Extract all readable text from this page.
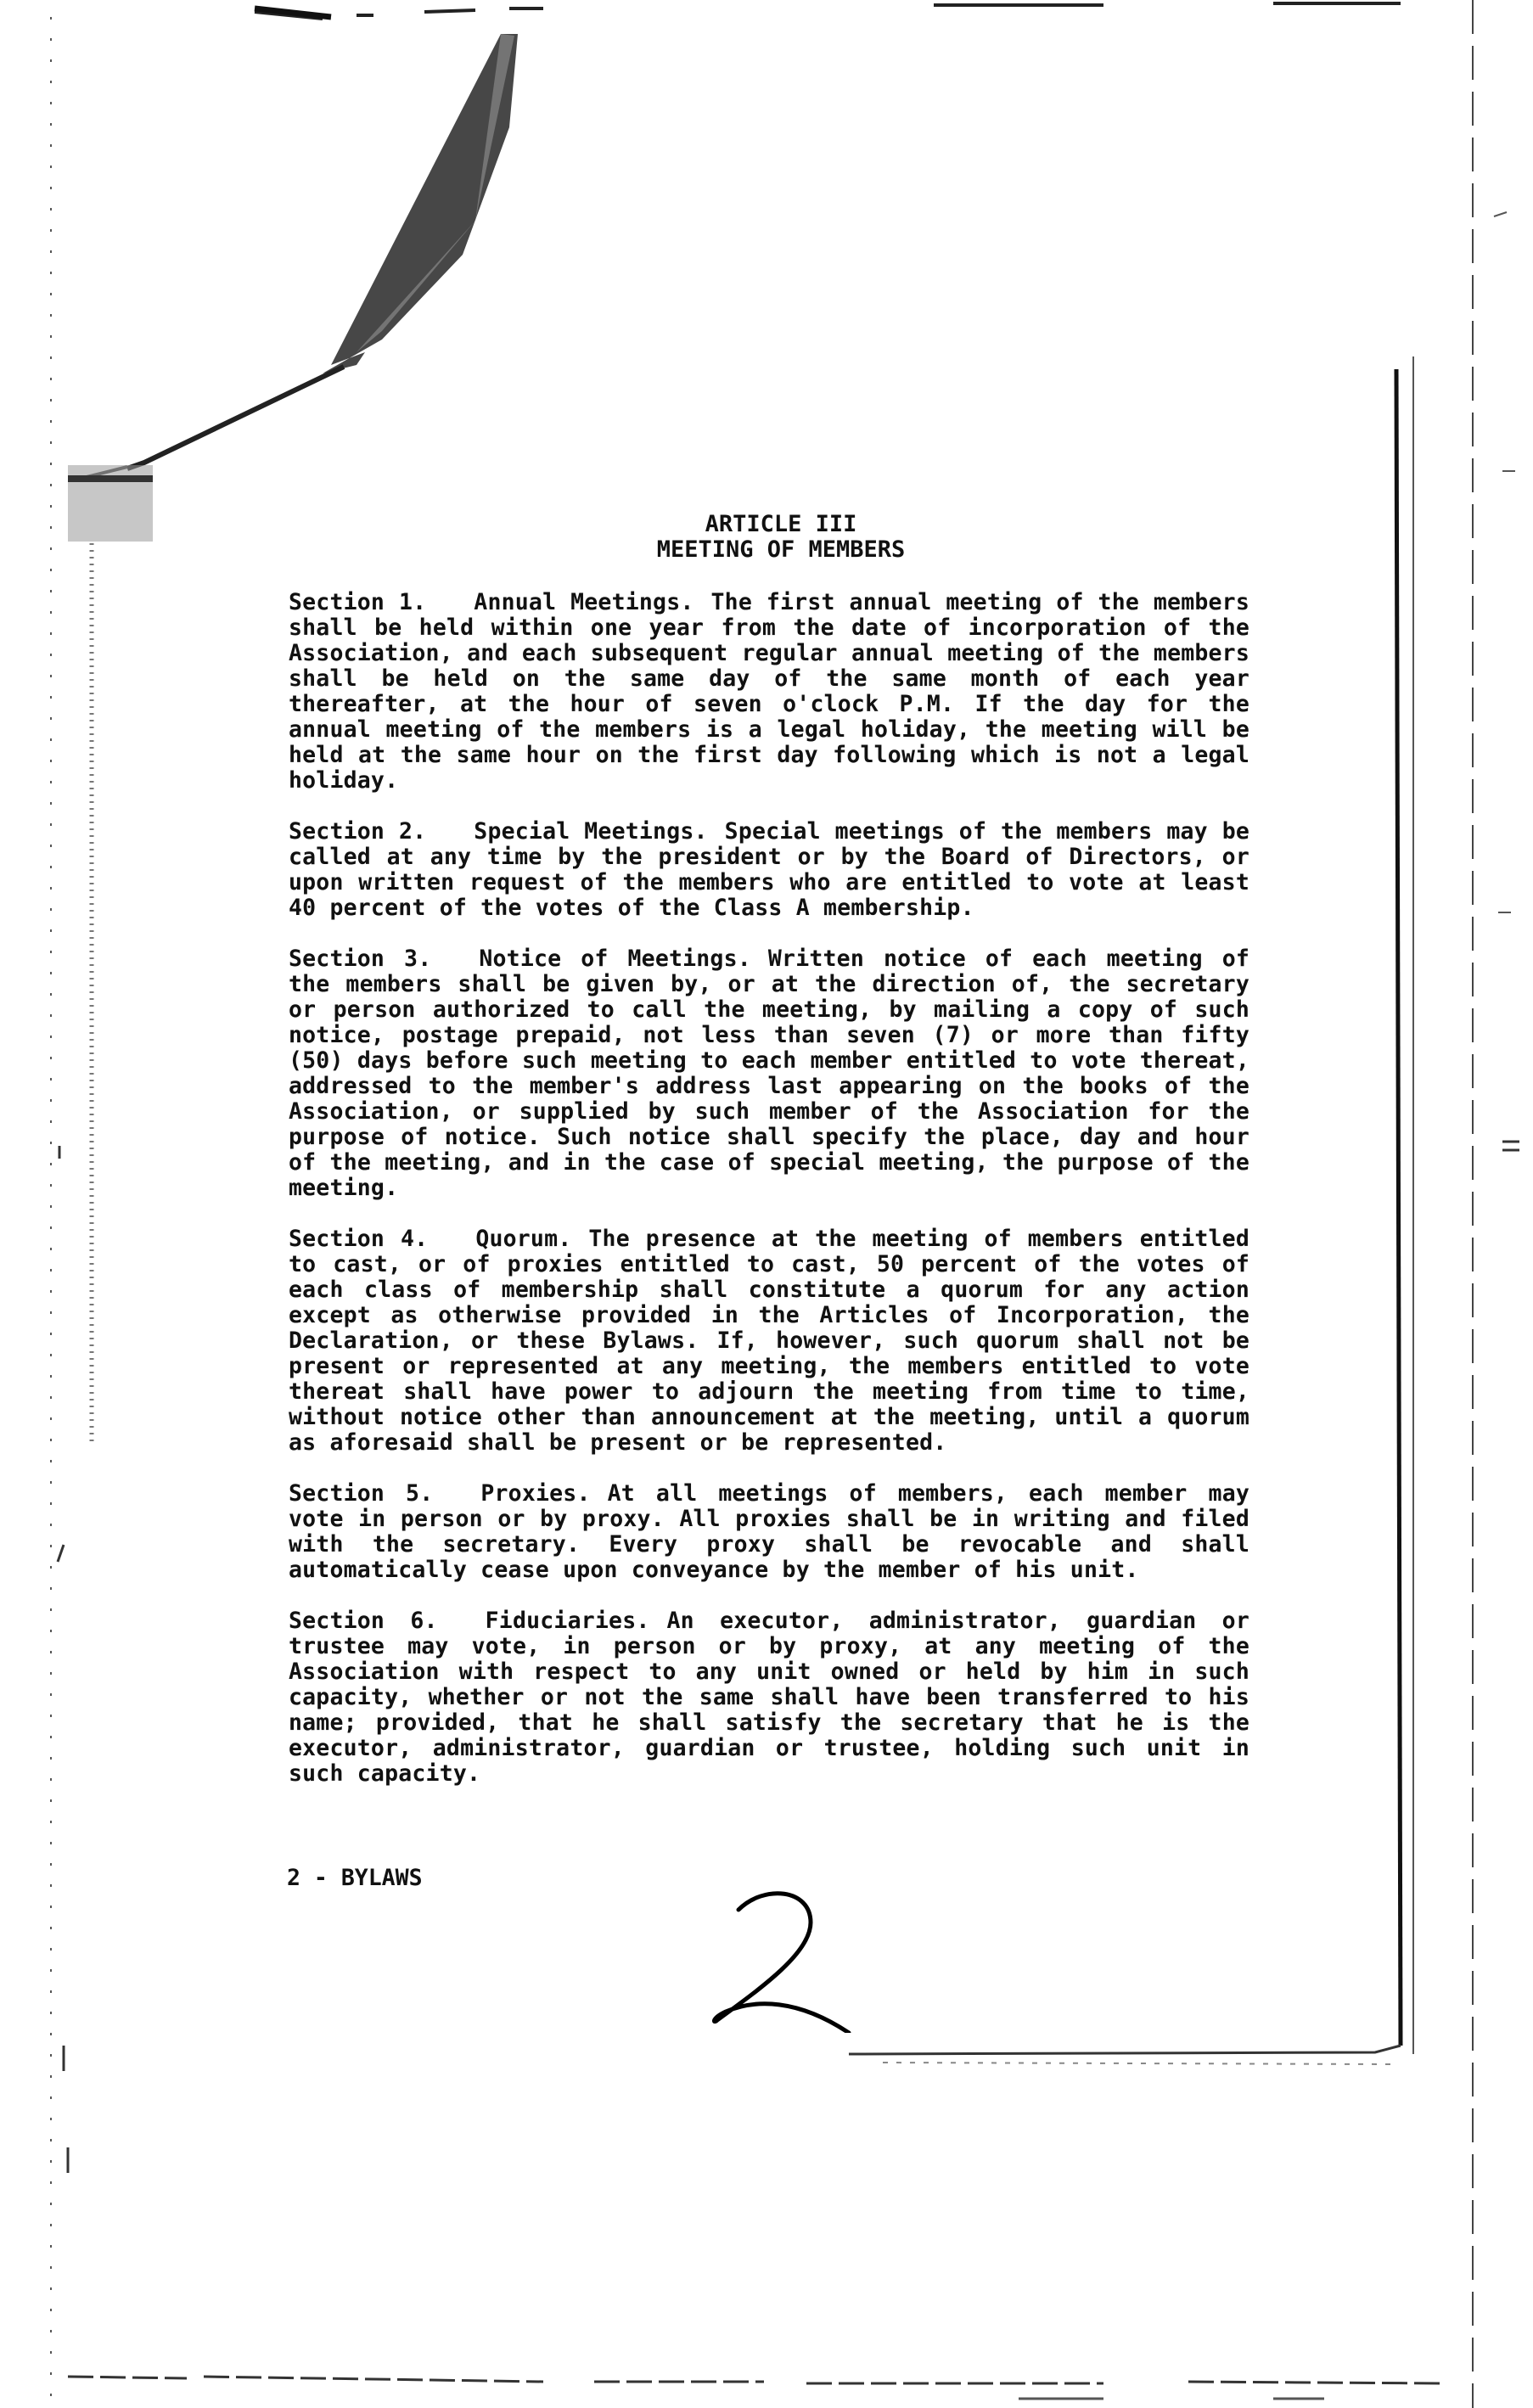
ARTICLE III
MEETING OF MEMBERS
Section 1. Annual Meetings. The first annual meeting of the members shall be held within one year from the date of incorporation of the Association, and each subsequent regular annual meeting of the members shall be held on the same day of the same month of each year thereafter, at the hour of seven o'clock P.M. If the day for the annual meeting of the members is a legal holiday, the meeting will be held at the same hour on the first day following which is not a legal holiday.
Section 2. Special Meetings. Special meetings of the members may be called at any time by the president or by the Board of Directors, or upon written request of the members who are entitled to vote at least 40 percent of the votes of the Class A membership.
Section 3. Notice of Meetings. Written notice of each meeting of the members shall be given by, or at the direction of, the secretary or person authorized to call the meeting, by mailing a copy of such notice, postage prepaid, not less than seven (7) or more than fifty (50) days before such meeting to each member entitled to vote thereat, addressed to the member's address last appearing on the books of the Association, or supplied by such member of the Association for the purpose of notice. Such notice shall specify the place, day and hour of the meeting, and in the case of special meeting, the purpose of the meeting.
Section 4. Quorum. The presence at the meeting of members entitled to cast, or of proxies entitled to cast, 50 percent of the votes of each class of membership shall constitute a quorum for any action except as otherwise provided in the Articles of Incorporation, the Declaration, or these Bylaws. If, however, such quorum shall not be present or represented at any meeting, the members entitled to vote thereat shall have power to adjourn the meeting from time to time, without notice other than announcement at the meeting, until a quorum as aforesaid shall be present or be represented.
Section 5. Proxies. At all meetings of members, each member may vote in person or by proxy. All proxies shall be in writing and filed with the secretary. Every proxy shall be revocable and shall automatically cease upon conveyance by the member of his unit.
Section 6. Fiduciaries. An executor, administrator, guardian or trustee may vote, in person or by proxy, at any meeting of the Association with respect to any unit owned or held by him in such capacity, whether or not the same shall have been transferred to his name; provided, that he shall satisfy the secretary that he is the executor, administrator, guardian or trustee, holding such unit in such capacity.
2 - BYLAWS
